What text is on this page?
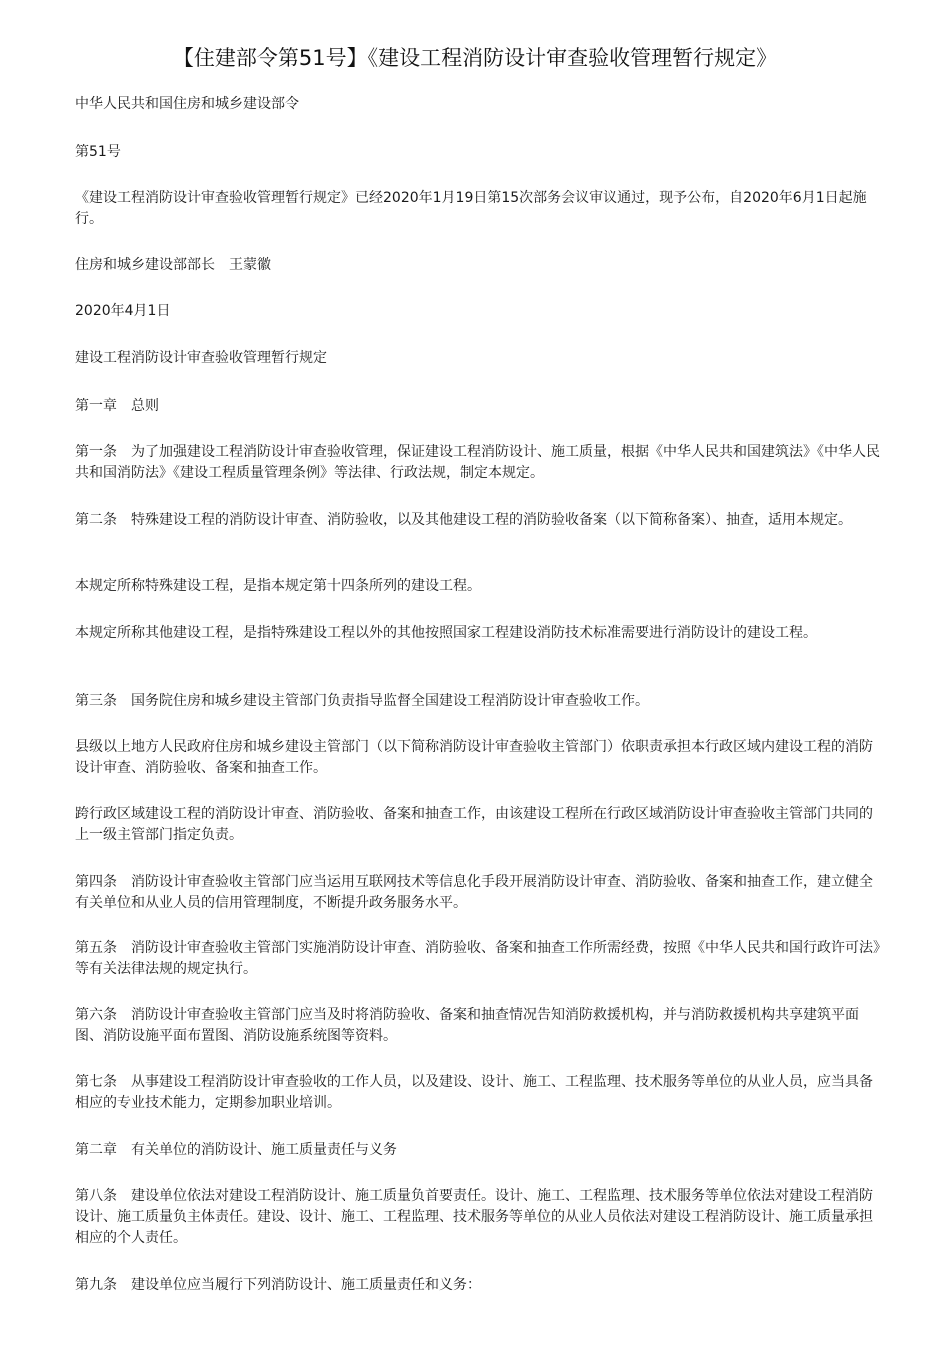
【住建部令第51号】《建设工程消防设计审查验收管理暂行规定》

中华人民共和国住房和城乡建设部令

第51号

《建设工程消防设计审查验收管理暂行规定》已经2020年1月19日第15次部务会议审议通过，现予公布，自2020年6月1日起施行。

住房和城乡建设部部长　王蒙徽

2020年4月1日

建设工程消防设计审查验收管理暂行规定

第一章　总则

第一条　为了加强建设工程消防设计审查验收管理，保证建设工程消防设计、施工质量，根据《中华人民共和国建筑法》《中华人民共和国消防法》《建设工程质量管理条例》等法律、行政法规，制定本规定。

第二条　特殊建设工程的消防设计审查、消防验收，以及其他建设工程的消防验收备案（以下简称备案）、抽查，适用本规定。

本规定所称特殊建设工程，是指本规定第十四条所列的建设工程。

本规定所称其他建设工程，是指特殊建设工程以外的其他按照国家工程建设消防技术标准需要进行消防设计的建设工程。

第三条　国务院住房和城乡建设主管部门负责指导监督全国建设工程消防设计审查验收工作。

县级以上地方人民政府住房和城乡建设主管部门（以下简称消防设计审查验收主管部门）依职责承担本行政区域内建设工程的消防设计审查、消防验收、备案和抽查工作。

跨行政区域建设工程的消防设计审查、消防验收、备案和抽查工作，由该建设工程所在行政区域消防设计审查验收主管部门共同的上一级主管部门指定负责。

第四条　消防设计审查验收主管部门应当运用互联网技术等信息化手段开展消防设计审查、消防验收、备案和抽查工作，建立健全有关单位和从业人员的信用管理制度，不断提升政务服务水平。

第五条　消防设计审查验收主管部门实施消防设计审查、消防验收、备案和抽查工作所需经费，按照《中华人民共和国行政许可法》等有关法律法规的规定执行。

第六条　消防设计审查验收主管部门应当及时将消防验收、备案和抽查情况告知消防救援机构，并与消防救援机构共享建筑平面图、消防设施平面布置图、消防设施系统图等资料。

第七条　从事建设工程消防设计审查验收的工作人员，以及建设、设计、施工、工程监理、技术服务等单位的从业人员，应当具备相应的专业技术能力，定期参加职业培训。

第二章　有关单位的消防设计、施工质量责任与义务

第八条　建设单位依法对建设工程消防设计、施工质量负首要责任。设计、施工、工程监理、技术服务等单位依法对建设工程消防设计、施工质量负主体责任。建设、设计、施工、工程监理、技术服务等单位的从业人员依法对建设工程消防设计、施工质量承担相应的个人责任。

第九条　建设单位应当履行下列消防设计、施工质量责任和义务：
